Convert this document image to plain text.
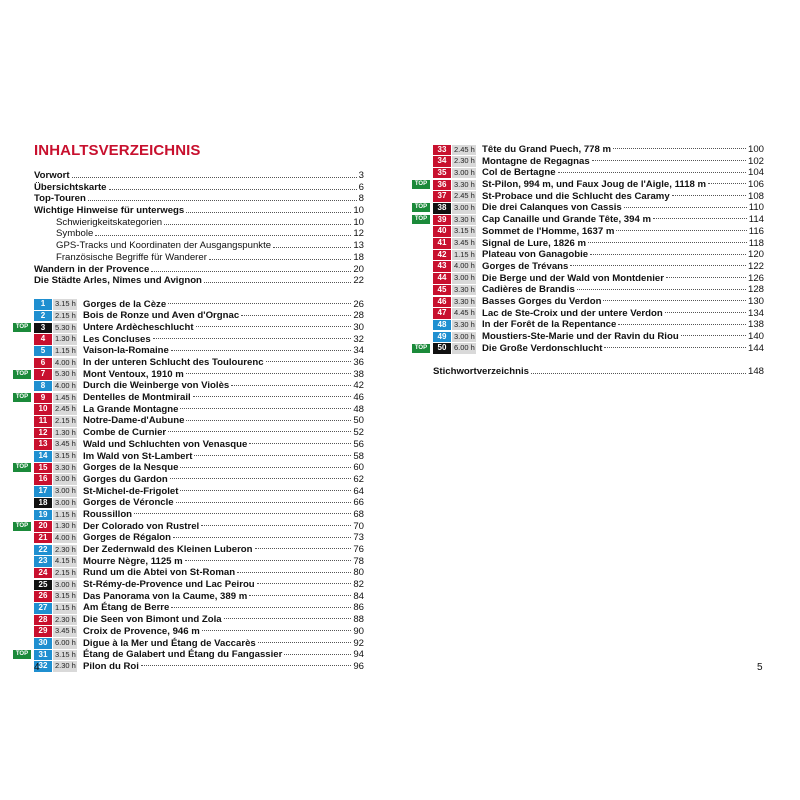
INHALTSVERZEICHNIS
Vorwort	3
Übersichtskarte	6
Top-Touren	8
Wichtige Hinweise für unterwegs	10
Schwierigkeitskategorien	10
Symbole	12
GPS-Tracks und Koordinaten der Ausgangspunkte	13
Französische Begriffe für Wanderer	18
Wandern in der Provence	20
Die Städte Arles, Nîmes und Avignon	22
1	3.15 h Gorges de la Cèze	26
2	2.15 h Bois de Ronze und Aven d'Orgnac	28
TOP	3	5.30 h Untere Ardècheschlucht	30
4	1.30 h Les Concluses	32
5	1.15 h Vaison-la-Romaine	34
6	4.00 h In der unteren Schlucht des Toulourenc	36
TOP	7	5.30 h Mont Ventoux, 1910 m	38
8	4.00 h Durch die Weinberge von Violès	42
TOP	9	1.45 h Dentelles de Montmirail	46
10	2.45 h La Grande Montagne	48
11	2.15 h Notre-Dame-d'Aubune	50
12	1.30 h Combe de Curnier	52
13	3.45 h Wald und Schluchten von Venasque	56
14	3.15 h Im Wald von St-Lambert	58
TOP	15	3.30 h Gorges de la Nesque	60
16	3.00 h Gorges du Gardon	62
17	3.00 h St-Michel-de-Frigolet	64
18	3.00 h Gorges de Véroncle	66
19	1.15 h Roussillon	68
TOP	20	1.30 h Der Colorado von Rustrel	70
21	4.00 h Gorges de Régalon	73
22	2.30 h Der Zedernwald des Kleinen Luberon	76
23	4.15 h Mourre Nègre, 1125 m	78
24	2.15 h Rund um die Abtei von St-Roman	80
25	3.00 h St-Rémy-de-Provence und Lac Peirou	82
26	3.15 h Das Panorama von la Caume, 389 m	84
27	1.15 h Am Étang de Berre	86
28	2.30 h Die Seen von Bimont und Zola	88
29	3.45 h Croix de Provence, 946 m	90
30	6.00 h Digue à la Mer und Étang de Vaccarès	92
TOP	31	3.15 h Étang de Galabert und Étang du Fangassier	94
32	2.30 h Pilon du Roi	96
33	2.45 h Tête du Grand Puech, 778 m	100
34	2.30 h Montagne de Regagnas	102
35	3.00 h Col de Bertagne	104
TOP	36	3.30 h St-Pilon, 994 m, und Faux Joug de l'Aigle, 1118 m	106
37	2.45 h St-Probace und die Schlucht des Caramy	108
TOP	38	3.00 h Die drei Calanques von Cassis	110
TOP	39	3.30 h Cap Canaille und Grande Tête, 394 m	114
40	3.15 h Sommet de l'Homme, 1637 m	116
41	3.45 h Signal de Lure, 1826 m	118
42	1.15 h Plateau von Ganagobie	120
43	4.00 h Gorges de Trévans	122
44	3.00 h Die Berge und der Wald von Montdenier	126
45	3.30 h Cadières de Brandis	128
46	3.30 h Basses Gorges du Verdon	130
47	4.45 h Lac de Ste-Croix und der untere Verdon	134
48	3.30 h In der Forêt de la Repentance	138
49	3.00 h Moustiers-Ste-Marie und der Ravin du Riou	140
TOP	50	6.00 h Die Große Verdonschlucht	144
Stichwortverzeichnis	148
4	5
